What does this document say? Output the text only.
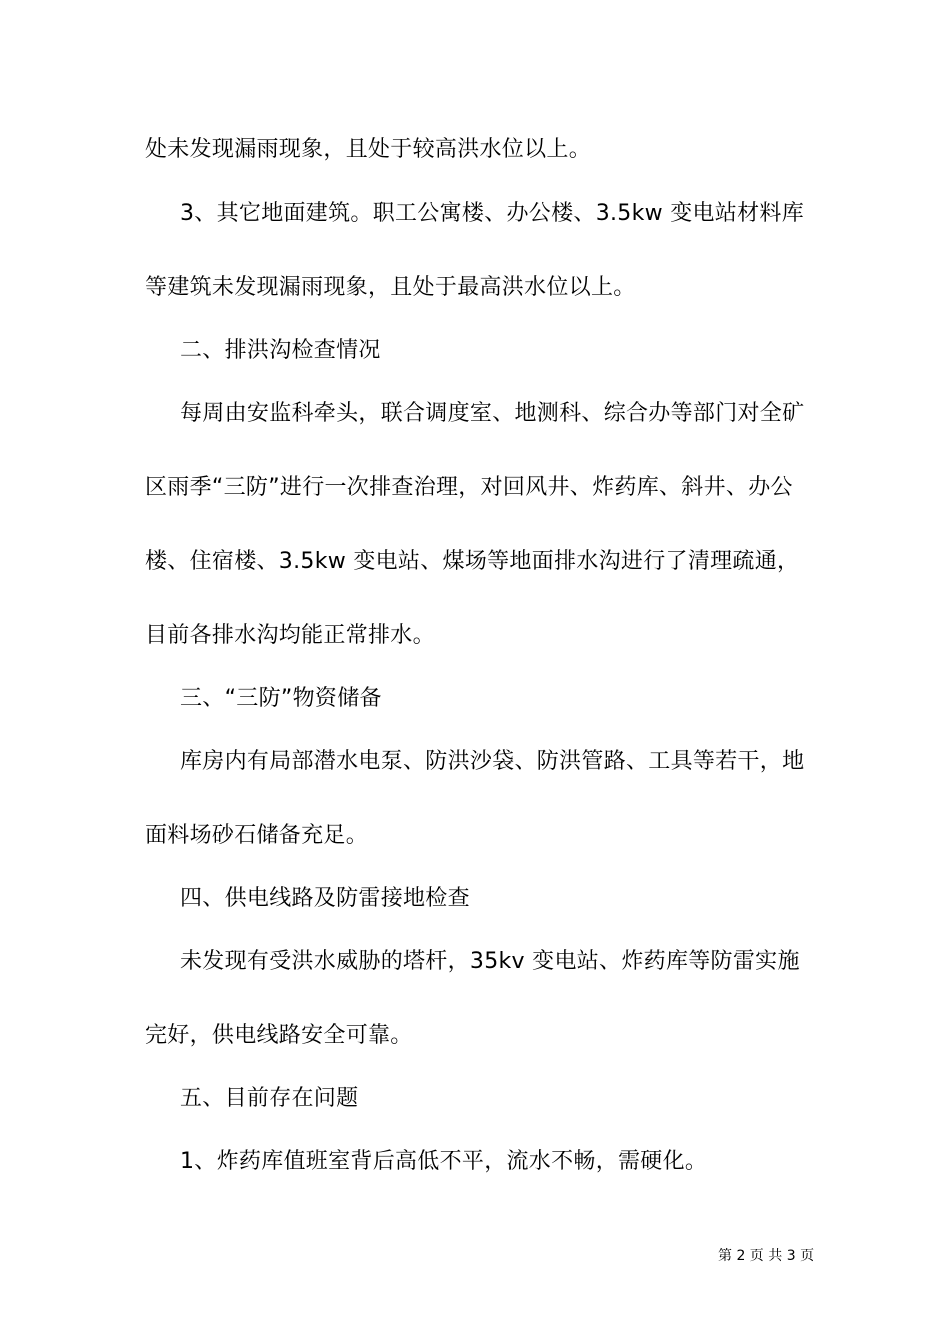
处未发现漏雨现象，且处于较高洪水位以上。
3、其它地面建筑。职工公寓楼、办公楼、3.5kw 变电站材料库
等建筑未发现漏雨现象，且处于最高洪水位以上。
二、排洪沟检查情况
每周由安监科牵头，联合调度室、地测科、综合办等部门对全矿
区雨季“三防”进行一次排查治理，对回风井、炸药库、斜井、办公
楼、住宿楼、3.5kw 变电站、煤场等地面排水沟进行了清理疏通，
目前各排水沟均能正常排水。
三、“三防”物资储备
库房内有局部潜水电泵、防洪沙袋、防洪管路、工具等若干，地
面料场砂石储备充足。
四、供电线路及防雷接地检查
未发现有受洪水威胁的塔杆，35kv 变电站、炸药库等防雷实施
完好，供电线路安全可靠。
五、目前存在问题
1、炸药库值班室背后高低不平，流水不畅，需硬化。
第 2 页 共 3 页
